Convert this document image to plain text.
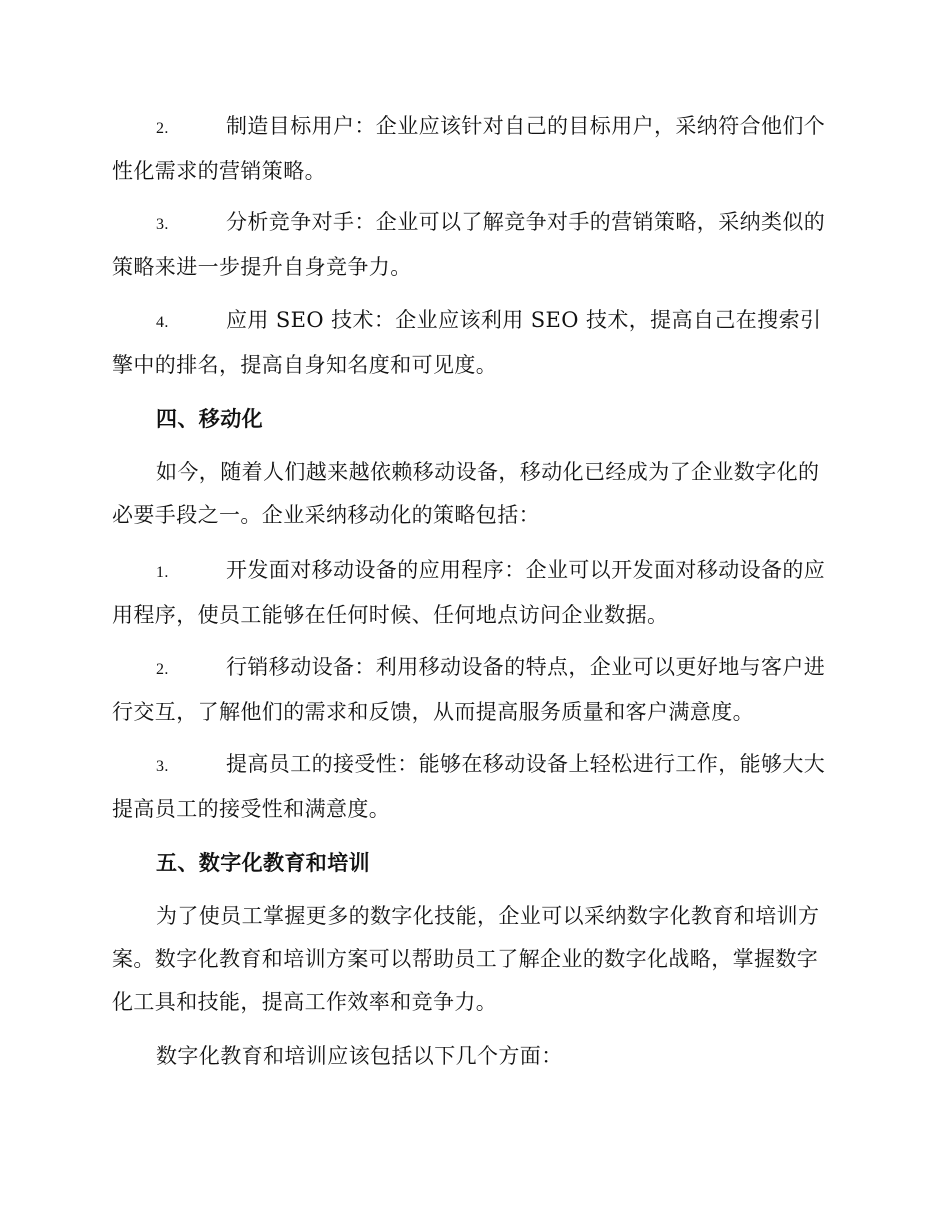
2.	制造目标用户：企业应该针对自己的目标用户，采纳符合他们个性化需求的营销策略。
3.	分析竞争对手：企业可以了解竞争对手的营销策略，采纳类似的策略来进一步提升自身竞争力。
4.	应用 SEO 技术：企业应该利用 SEO 技术，提高自己在搜索引擎中的排名，提高自身知名度和可见度。
四、移动化
如今，随着人们越来越依赖移动设备，移动化已经成为了企业数字化的必要手段之一。企业采纳移动化的策略包括：
1.	开发面对移动设备的应用程序：企业可以开发面对移动设备的应用程序，使员工能够在任何时候、任何地点访问企业数据。
2.	行销移动设备：利用移动设备的特点，企业可以更好地与客户进行交互，了解他们的需求和反馈，从而提高服务质量和客户满意度。
3.	提高员工的接受性：能够在移动设备上轻松进行工作，能够大大提高员工的接受性和满意度。
五、数字化教育和培训
为了使员工掌握更多的数字化技能，企业可以采纳数字化教育和培训方案。数字化教育和培训方案可以帮助员工了解企业的数字化战略，掌握数字化工具和技能，提高工作效率和竞争力。
数字化教育和培训应该包括以下几个方面：
